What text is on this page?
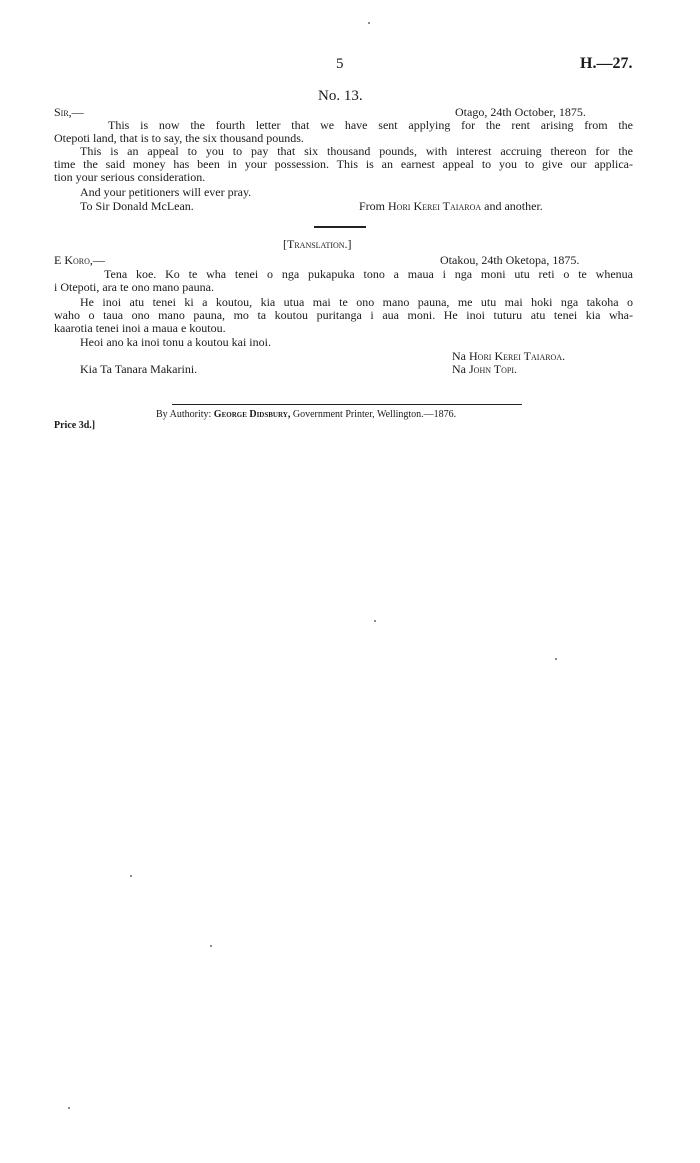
5	H.—27.
No. 13.
Sir,—	Otago, 24th October, 1875.
This is now the fourth letter that we have sent applying for the rent arising from the
Otepoti land, that is to say, the six thousand pounds.
This is an appeal to you to pay that six thousand pounds, with interest accruing thereon for the
time the said money has been in your possession. This is an earnest appeal to you to give our applica-
tion your serious consideration.
And your petitioners will ever pray.
To Sir Donald McLean.	From Hori Kerei Taiaroa and another.
[Translation.]
E Koro,—	Otakou, 24th Oketopa, 1875.
Tena koe. Ko te wha tenei o nga pukapuka tono a maua i nga moni utu reti o te whenua
i Otepoti, ara te ono mano pauna.
He inoi atu tenei ki a koutou, kia utua mai te ono mano pauna, me utu mai hoki nga takoha o
waho o taua ono mano pauna, mo ta koutou puritanga i aua moni. He inoi tuturu atu tenei kia wha-
kaarotia tenei inoi a maua e koutou.
Heoi ano ka inoi tonu a koutou kai inoi.
Na Hori Kerei Taiaroa.
Kia Ta Tanara Makarini.	Na John Topi.
By Authority: George Didsbury, Government Printer, Wellington.—1876.
Price 3d.]
